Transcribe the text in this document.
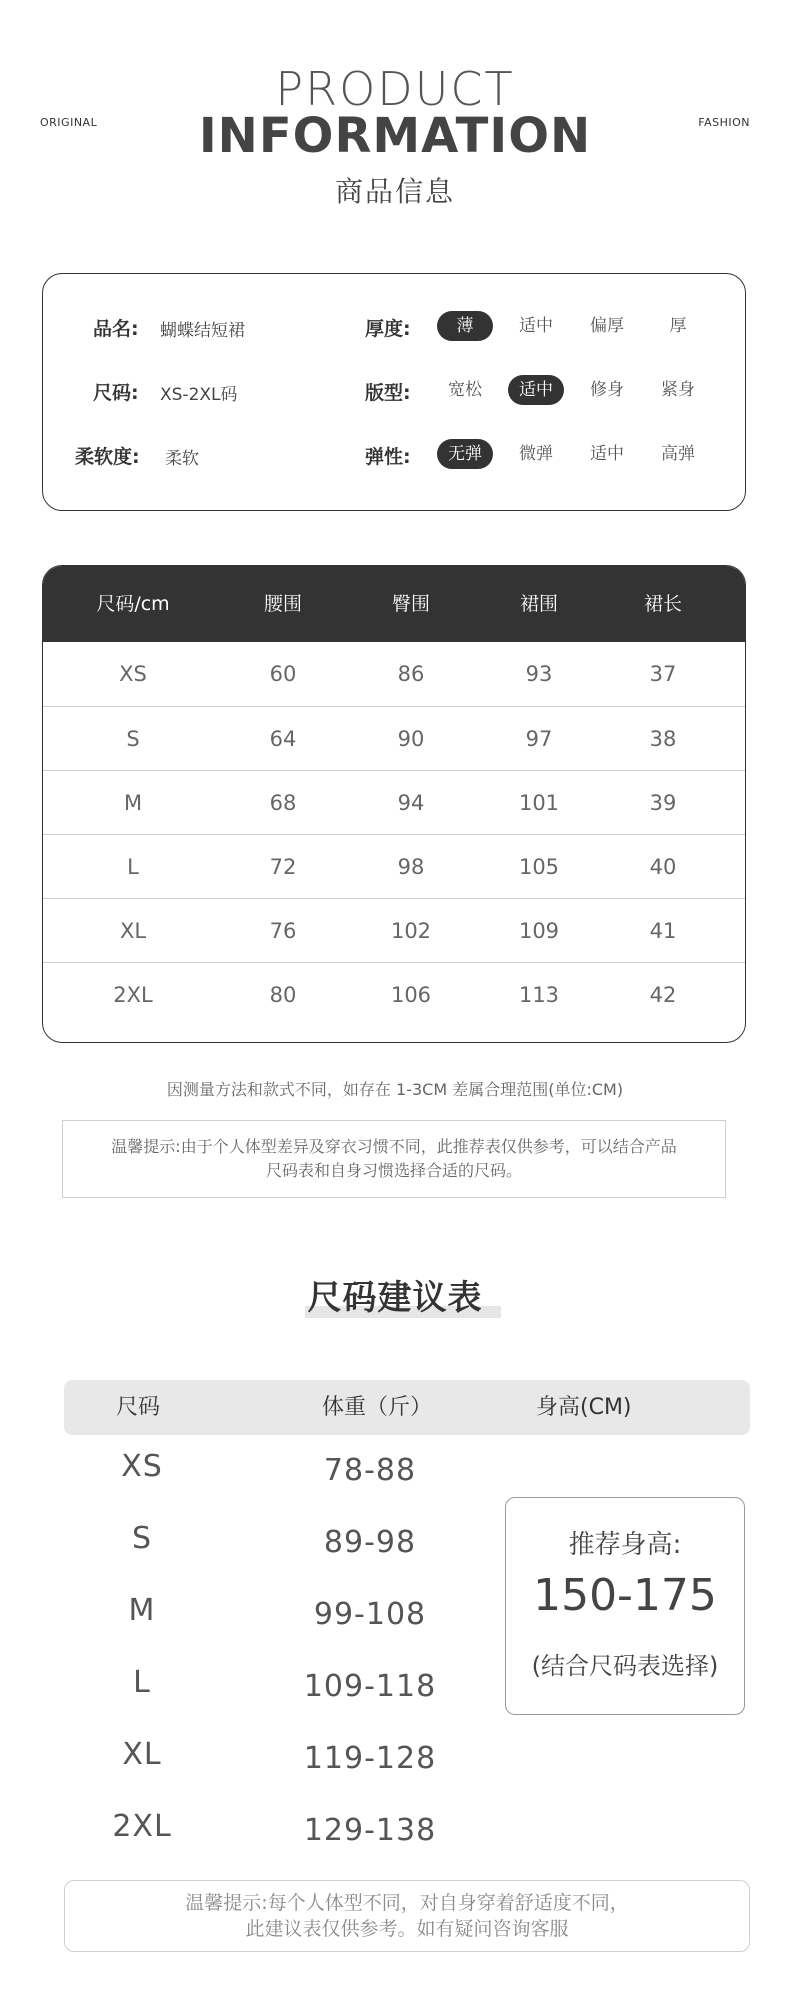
ORIGINAL	FASHION
PRODUCT
INFORMATION
商品信息
品名: 蝴蝶结短裙	厚度:	薄	适中	偏厚	厚
尺码: XS-2XL码	版型:	宽松	适中	修身	紧身
柔软度: 柔软	弹性:	无弹	微弹	适中	高弹
尺码/cm	腰围	臀围	裙围	裙长
XS	60	86	93	37
S	64	90	97	38
M	68	94	101	39
L	72	98	105	40
XL	76	102	109	41
2XL	80	106	113	42
因测量方法和款式不同，如存在 1-3CM 差属合理范围(单位:CM)
温馨提示:由于个人体型差异及穿衣习惯不同，此推荐表仅供参考，可以结合产品
尺码表和自身习惯选择合适的尺码。
尺码建议表
尺码	体重（斤）	身高(CM)
XS	78-88
S	89-98
M	99-108
L	109-118
XL	119-128
2XL	129-138
推荐身高:
150-175
(结合尺码表选择)
温馨提示:每个人体型不同，对自身穿着舒适度不同，
此建议表仅供参考。如有疑问咨询客服
